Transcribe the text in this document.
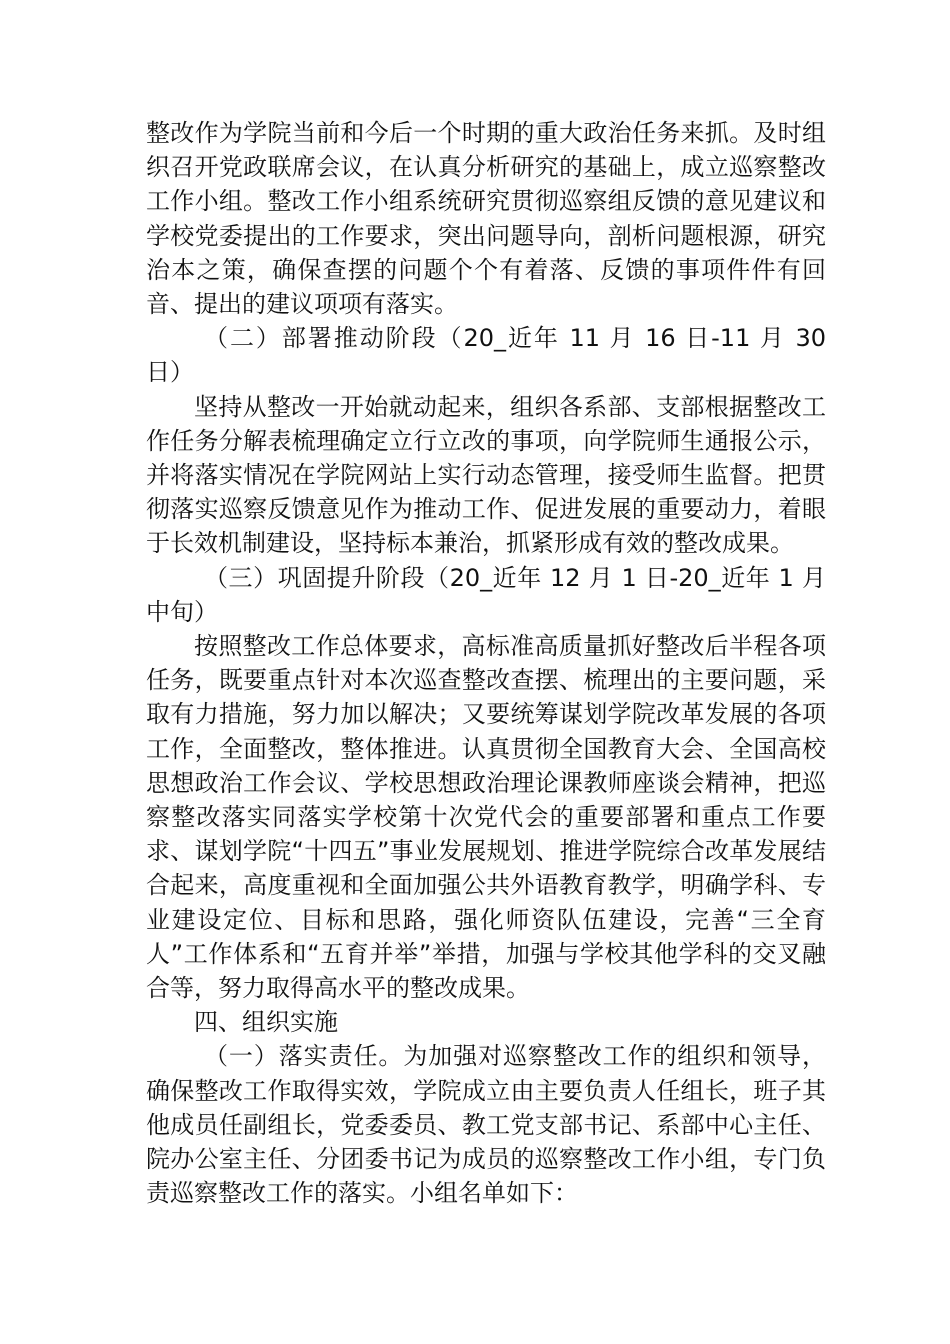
整改作为学院当前和今后一个时期的重大政治任务来抓。及时组织召开党政联席会议，在认真分析研究的基础上，成立巡察整改工作小组。整改工作小组系统研究贯彻巡察组反馈的意见建议和学校党委提出的工作要求，突出问题导向，剖析问题根源，研究治本之策，确保查摆的问题个个有着落、反馈的事项件件有回音、提出的建议项项有落实。

（二）部署推动阶段（20_近年 11 月 16 日-11 月 30 日）

坚持从整改一开始就动起来，组织各系部、支部根据整改工作任务分解表梳理确定立行立改的事项，向学院师生通报公示，并将落实情况在学院网站上实行动态管理，接受师生监督。把贯彻落实巡察反馈意见作为推动工作、促进发展的重要动力，着眼于长效机制建设，坚持标本兼治，抓紧形成有效的整改成果。

（三）巩固提升阶段（20_近年 12 月 1 日-20_近年 1 月中旬）

按照整改工作总体要求，高标准高质量抓好整改后半程各项任务，既要重点针对本次巡查整改查摆、梳理出的主要问题，采取有力措施，努力加以解决；又要统筹谋划学院改革发展的各项工作，全面整改，整体推进。认真贯彻全国教育大会、全国高校思想政治工作会议、学校思想政治理论课教师座谈会精神，把巡察整改落实同落实学校第十次党代会的重要部署和重点工作要求、谋划学院“十四五”事业发展规划、推进学院综合改革发展结合起来，高度重视和全面加强公共外语教育教学，明确学科、专业建设定位、目标和思路，强化师资队伍建设，完善“三全育人”工作体系和“五育并举”举措，加强与学校其他学科的交叉融合等，努力取得高水平的整改成果。

四、组织实施

（一）落实责任。为加强对巡察整改工作的组织和领导，确保整改工作取得实效，学院成立由主要负责人任组长，班子其他成员任副组长，党委委员、教工党支部书记、系部中心主任、院办公室主任、分团委书记为成员的巡察整改工作小组，专门负责巡察整改工作的落实。小组名单如下：
